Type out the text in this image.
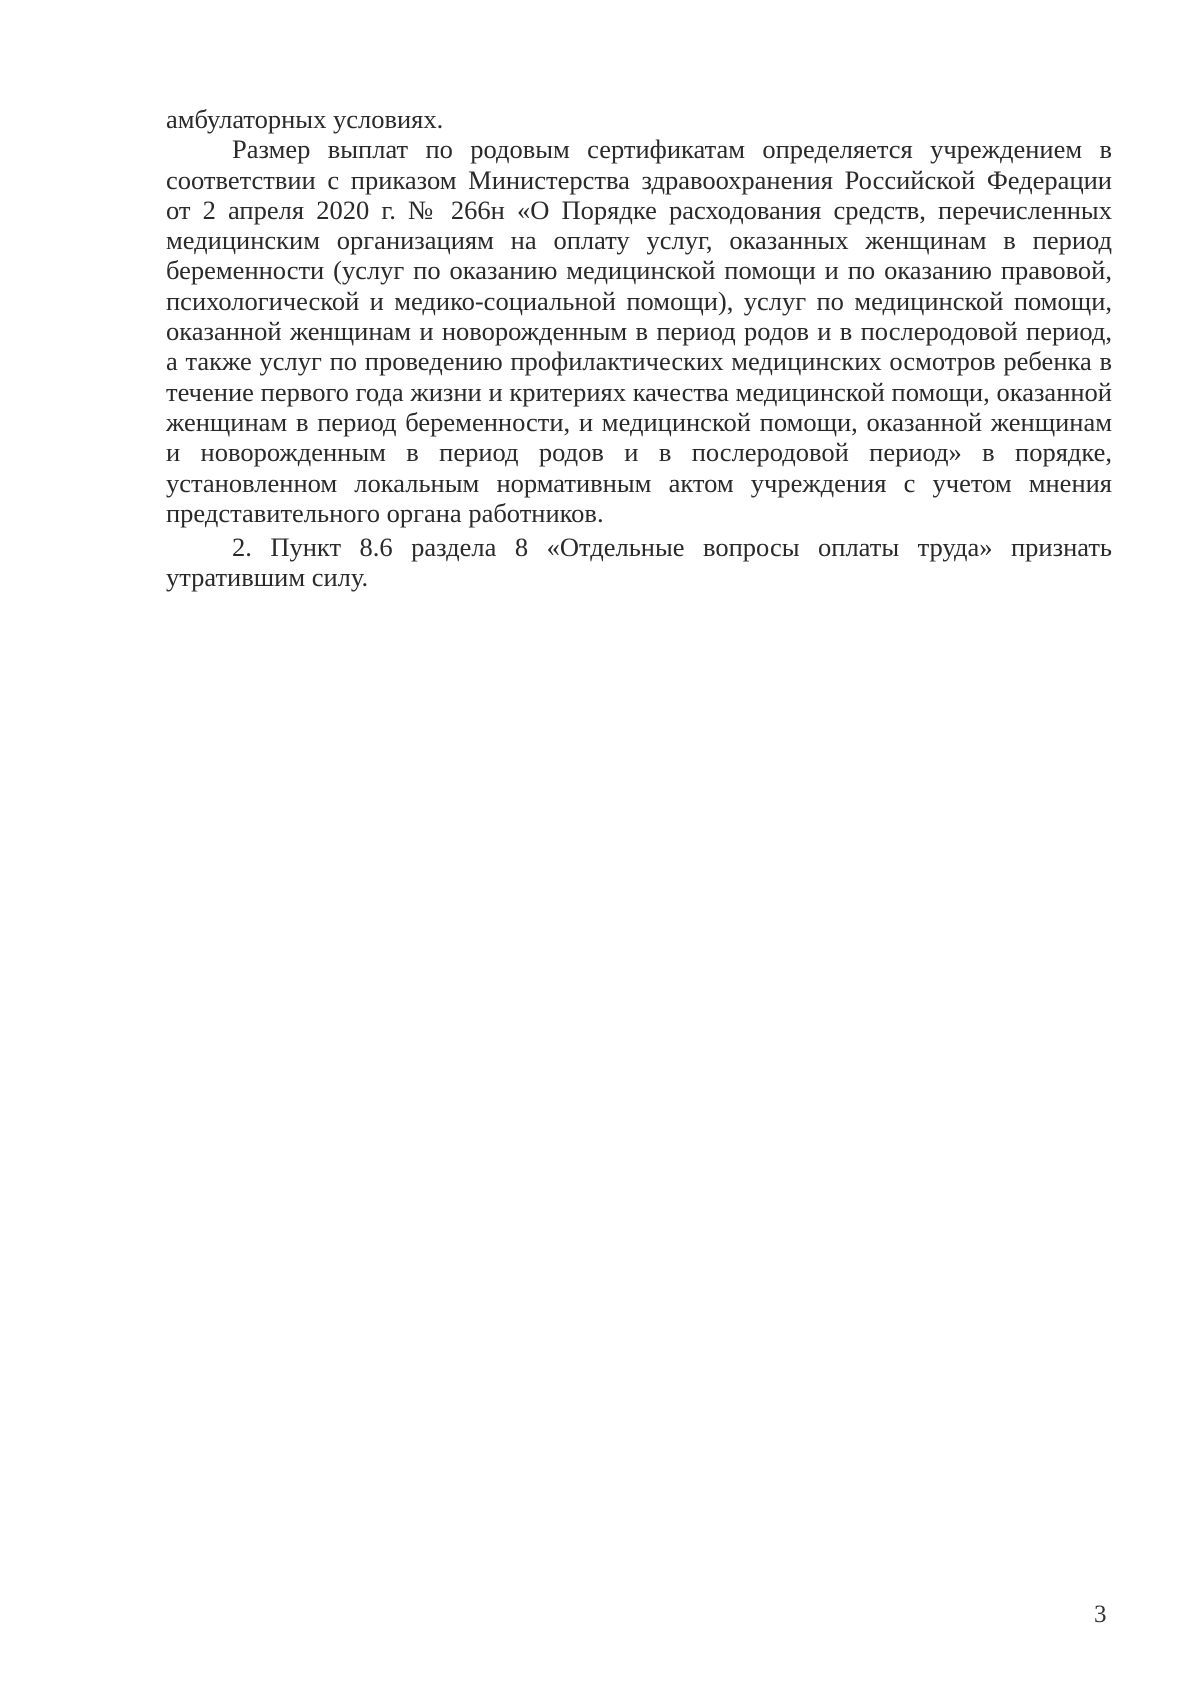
амбулаторных условиях.

Размер выплат по родовым сертификатам определяется учреждением в соответствии с приказом Министерства здравоохранения Российской Федерации от 2 апреля 2020 г. № 266н «О Порядке расходования средств, перечисленных медицинским организациям на оплату услуг, оказанных женщинам в период беременности (услуг по оказанию медицинской помощи и по оказанию правовой, психологической и медико-социальной помощи), услуг по медицинской помощи, оказанной женщинам и новорожденным в период родов и в послеродовой период, а также услуг по проведению профилактических медицинских осмотров ребенка в течение первого года жизни и критериях качества медицинской помощи, оказанной женщинам в период беременности, и медицинской помощи, оказанной женщинам и новорожденным в период родов и в послеродовой период» в порядке, установленном локальным нормативным актом учреждения с учетом мнения представительного органа работников.

2. Пункт 8.6 раздела 8 «Отдельные вопросы оплаты труда» признать утратившим силу.

3
